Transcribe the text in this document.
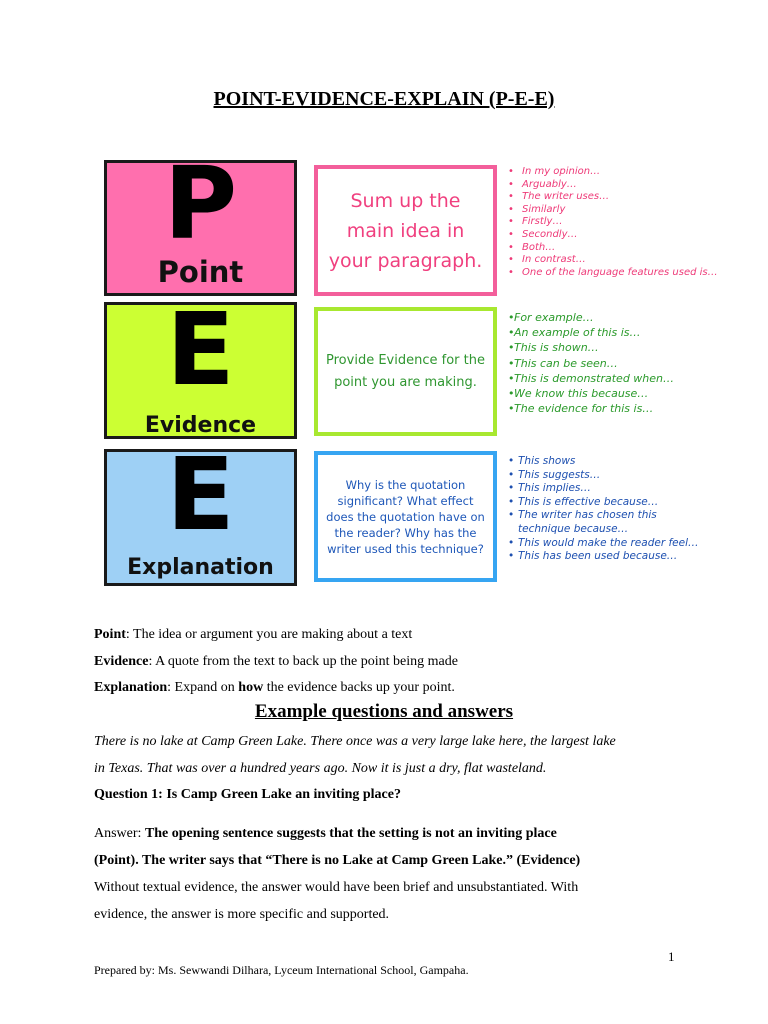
POINT-EVIDENCE-EXPLAIN (P-E-E)
P
Point
Sum up the main idea in your paragraph.
• In my opinion…
• Arguably…
• The writer uses…
• Similarly
• Firstly…
• Secondly…
• Both…
• In contrast…
• One of the language features used is…
E
Evidence
Provide Evidence for the point you are making.
• For example…
• An example of this is…
• This is shown…
• This can be seen…
• This is demonstrated when…
• We know this because…
• The evidence for this is…
E
Explanation
Why is the quotation significant? What effect does the quotation have on the reader? Why has the writer used this technique?
• This shows
• This suggests…
• This implies…
• This is effective because…
• The writer has chosen this technique because…
• This would make the reader feel…
• This has been used because…
Point: The idea or argument you are making about a text
Evidence: A quote from the text to back up the point being made
Explanation: Expand on how the evidence backs up your point.
Example questions and answers
There is no lake at Camp Green Lake. There once was a very large lake here, the largest lake
in Texas. That was over a hundred years ago. Now it is just a dry, flat wasteland.
Question 1: Is Camp Green Lake an inviting place?
Answer: The opening sentence suggests that the setting is not an inviting place
(Point). The writer says that “There is no Lake at Camp Green Lake.” (Evidence)
Without textual evidence, the answer would have been brief and unsubstantiated. With
evidence, the answer is more specific and supported.
1
Prepared by: Ms. Sewwandi Dilhara, Lyceum International School, Gampaha.
